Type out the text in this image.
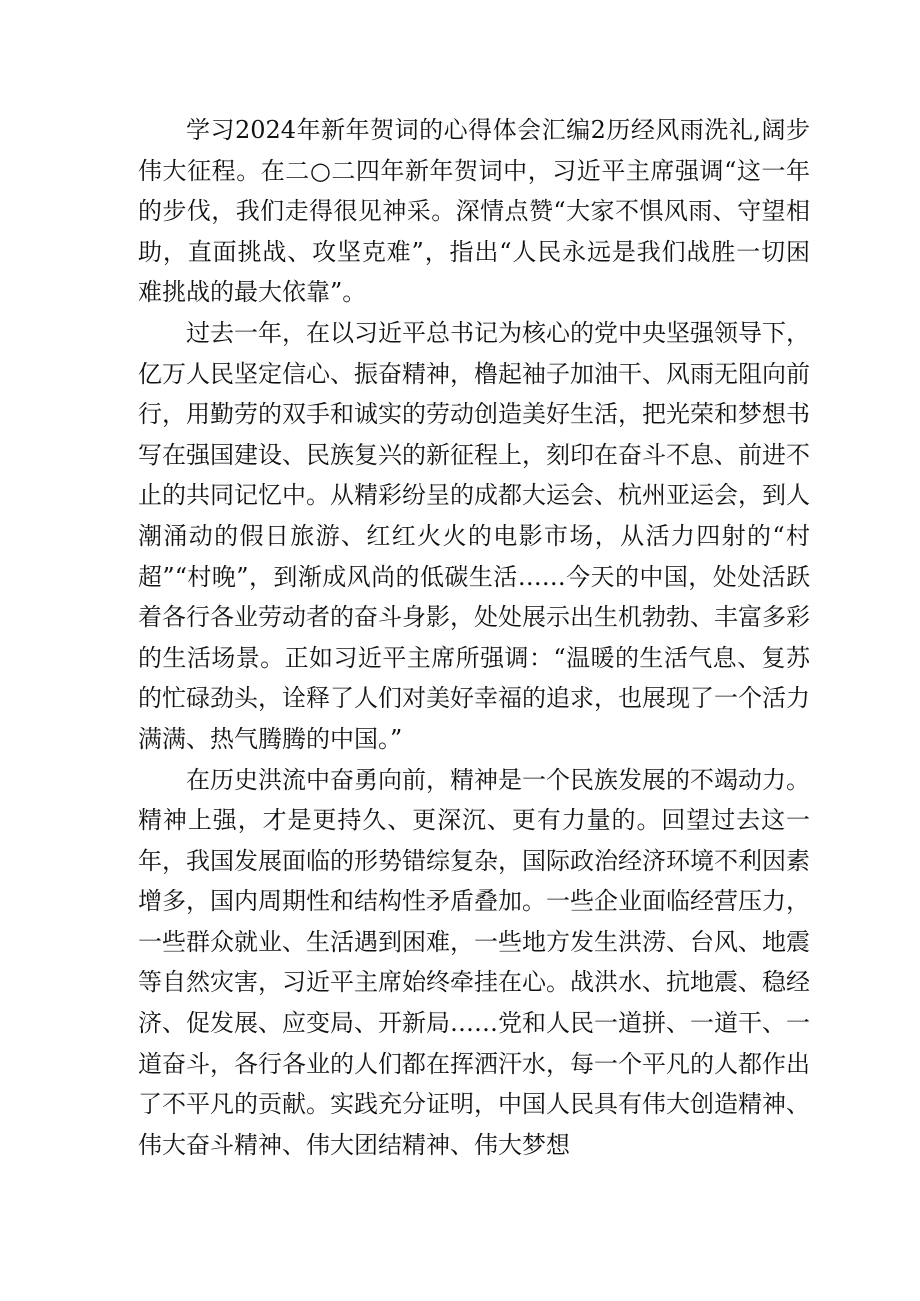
学习2024年新年贺词的心得体会汇编2历经风雨洗礼,阔步伟大征程。在二○二四年新年贺词中，习近平主席强调“这一年的步伐，我们走得很见神采。深情点赞“大家不惧风雨、守望相助，直面挑战、攻坚克难”，指出“人民永远是我们战胜一切困难挑战的最大依靠”。

过去一年，在以习近平总书记为核心的党中央坚强领导下，亿万人民坚定信心、振奋精神，橹起袖子加油干、风雨无阻向前行，用勤劳的双手和诚实的劳动创造美好生活，把光荣和梦想书写在强国建设、民族复兴的新征程上，刻印在奋斗不息、前进不止的共同记忆中。从精彩纷呈的成都大运会、杭州亚运会，到人潮涌动的假日旅游、红红火火的电影市场，从活力四射的“村超”“村晚”，到渐成风尚的低碳生活……今天的中国，处处活跃着各行各业劳动者的奋斗身影，处处展示出生机勃勃、丰富多彩的生活场景。正如习近平主席所强调：“温暖的生活气息、复苏的忙碌劲头，诠释了人们对美好幸福的追求，也展现了一个活力满满、热气腾腾的中国。”

在历史洪流中奋勇向前，精神是一个民族发展的不竭动力。精神上强，才是更持久、更深沉、更有力量的。回望过去这一年，我国发展面临的形势错综复杂，国际政治经济环境不利因素增多，国内周期性和结构性矛盾叠加。一些企业面临经营压力，一些群众就业、生活遇到困难，一些地方发生洪涝、台风、地震等自然灾害，习近平主席始终牵挂在心。战洪水、抗地震、稳经济、促发展、应变局、开新局……党和人民一道拼、一道干、一道奋斗，各行各业的人们都在挥洒汗水，每一个平凡的人都作出了不平凡的贡献。实践充分证明，中国人民具有伟大创造精神、伟大奋斗精神、伟大团结精神、伟大梦想
